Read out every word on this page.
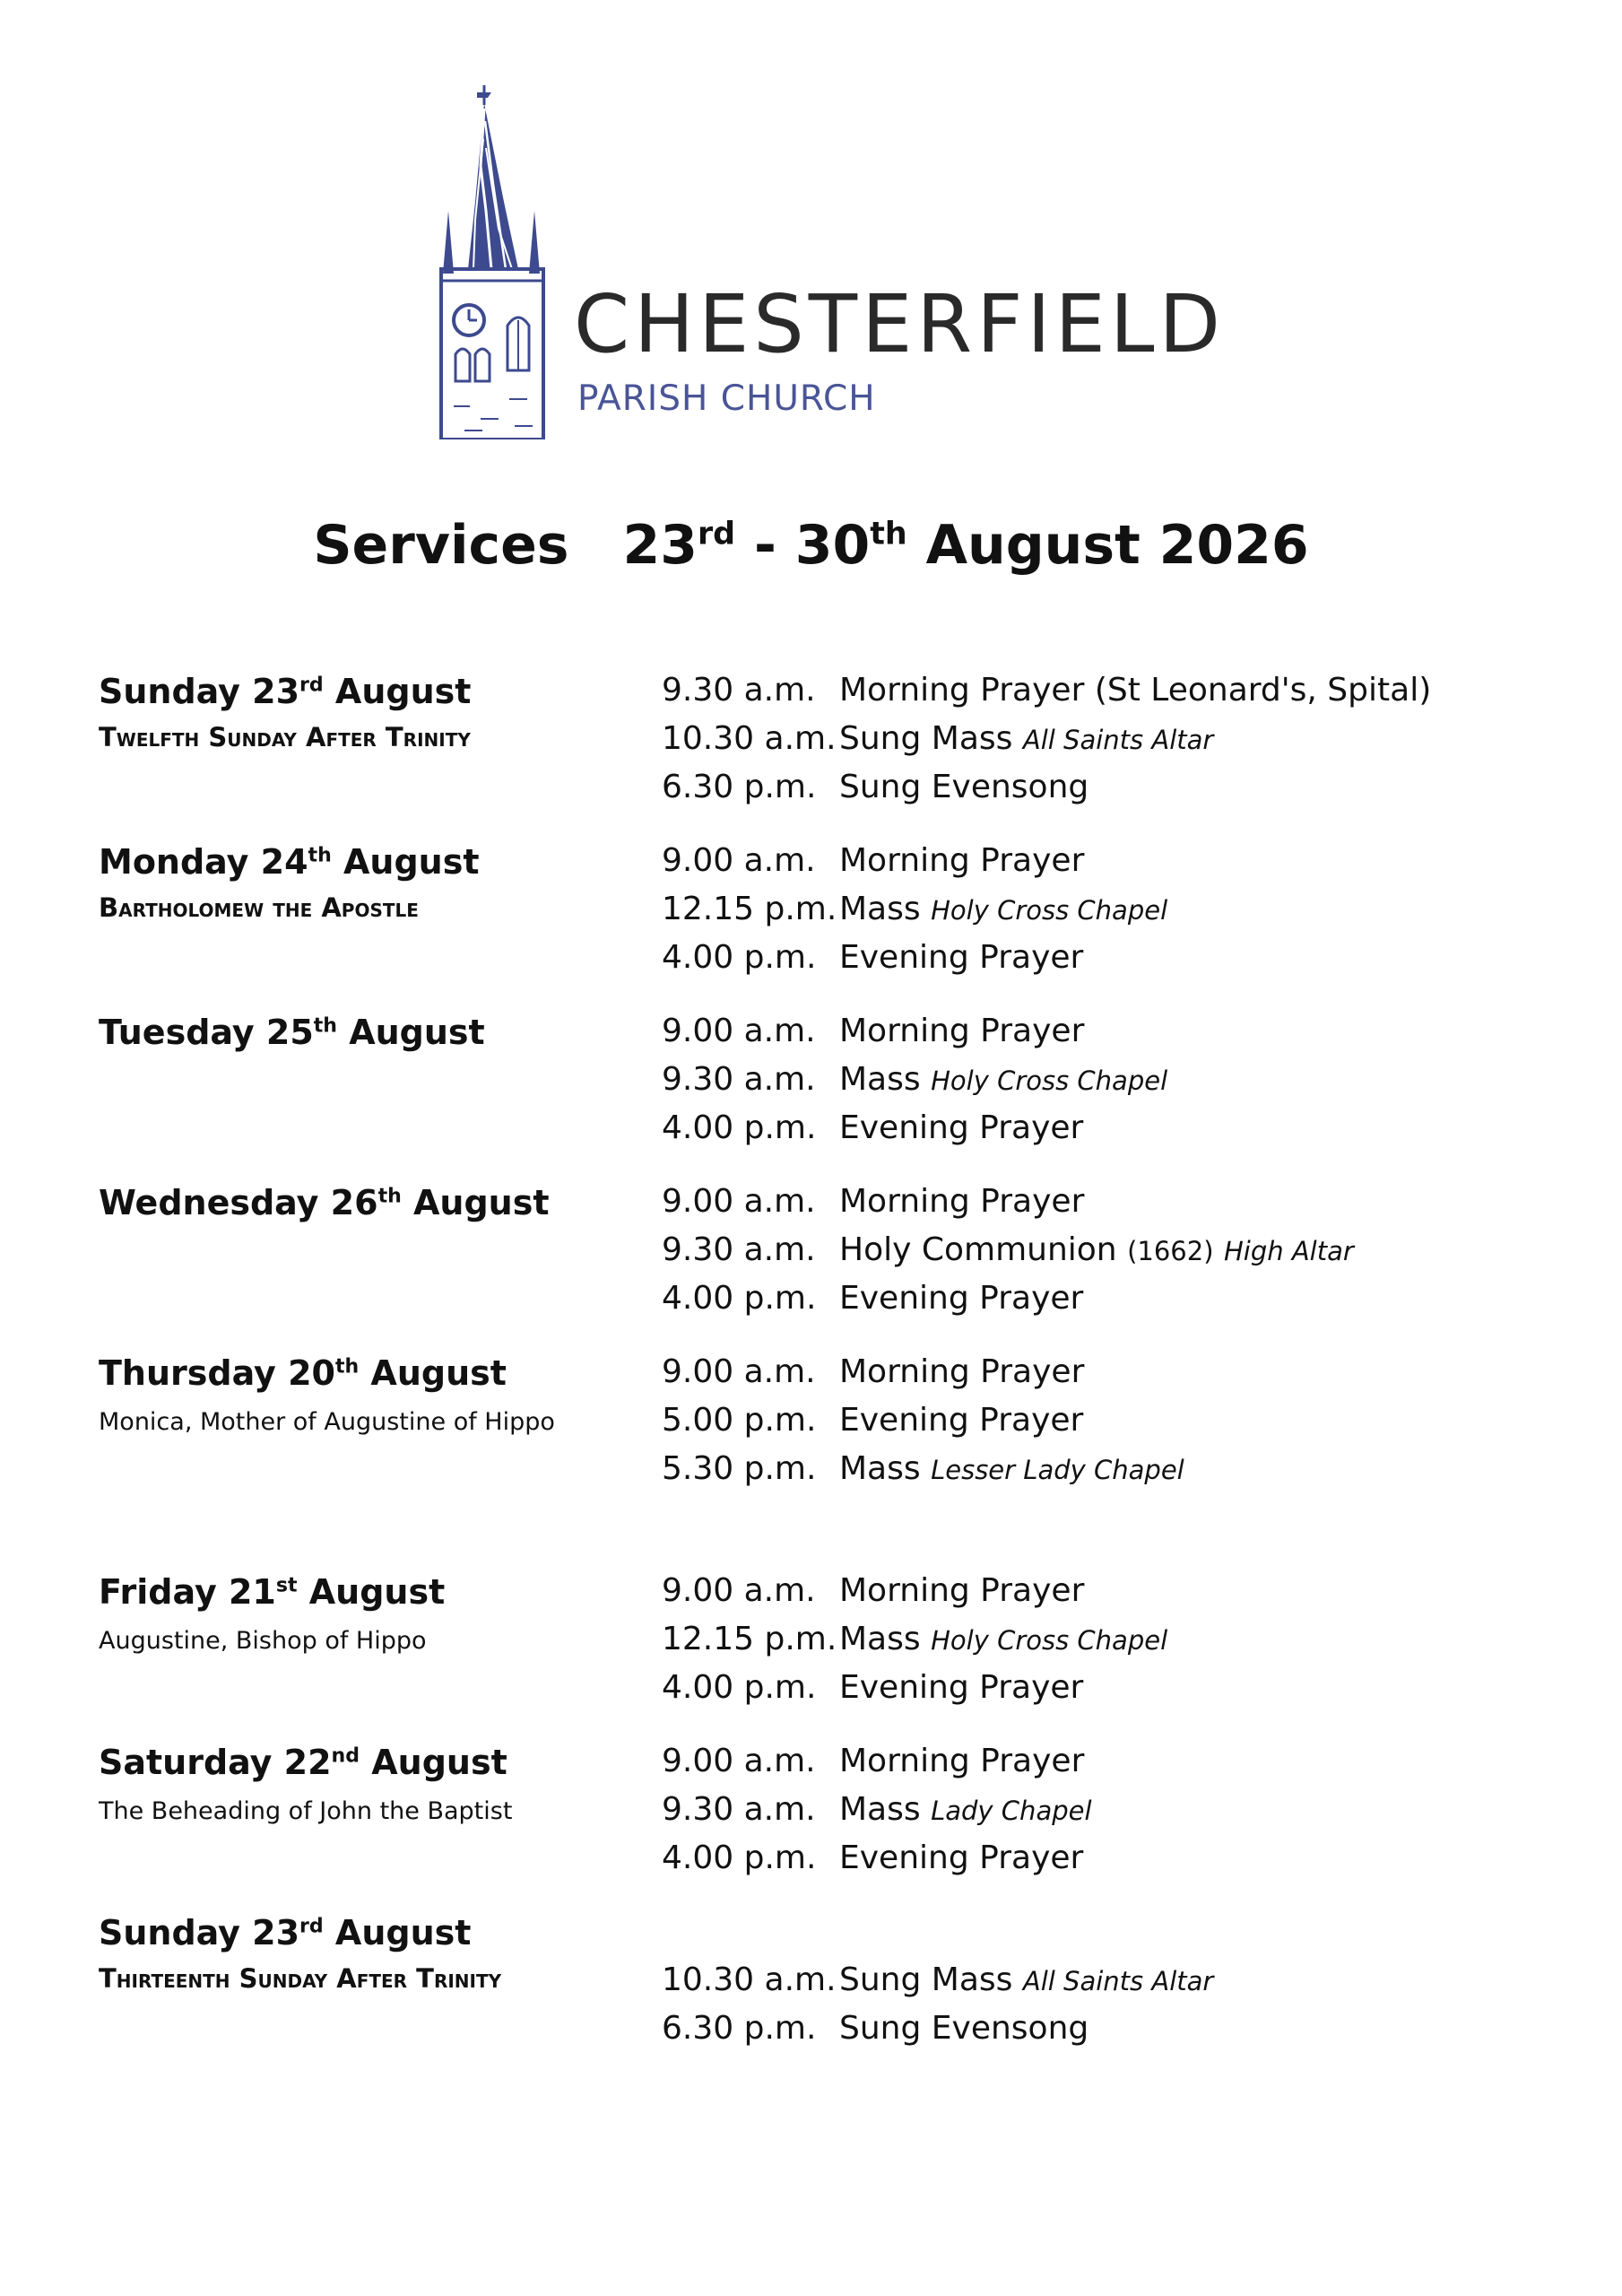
CHESTERFIELD
PARISH CHURCH
Services 23rd - 30th August 2026
Sunday 23rd August
Twelfth Sunday After Trinity
9.30 a.m. Morning Prayer (St Leonard's, Spital)
10.30 a.m.Sung Mass All Saints Altar
6.30 p.m. Sung Evensong
Monday 24th August
Bartholomew the Apostle
9.00 a.m. Morning Prayer
12.15 p.m.Mass Holy Cross Chapel
4.00 p.m. Evening Prayer
Tuesday 25th August	9.00 a.m. Morning Prayer
9.30 a.m. Mass Holy Cross Chapel
4.00 p.m. Evening Prayer
Wednesday 26th August	9.00 a.m. Morning Prayer
9.30 a.m. Holy Communion (1662) High Altar
4.00 p.m. Evening Prayer
Thursday 20th August
Monica, Mother of Augustine of Hippo
9.00 a.m. Morning Prayer
5.00 p.m. Evening Prayer
5.30 p.m. Mass Lesser Lady Chapel
Friday 21st August
Augustine, Bishop of Hippo
9.00 a.m. Morning Prayer
12.15 p.m.Mass Holy Cross Chapel
4.00 p.m. Evening Prayer
Saturday 22nd August
The Beheading of John the Baptist
9.00 a.m. Morning Prayer
9.30 a.m. Mass Lady Chapel
4.00 p.m. Evening Prayer
Sunday 23rd August
Thirteenth Sunday After Trinity	10.30 a.m.Sung Mass All Saints Altar
6.30 p.m. Sung Evensong
